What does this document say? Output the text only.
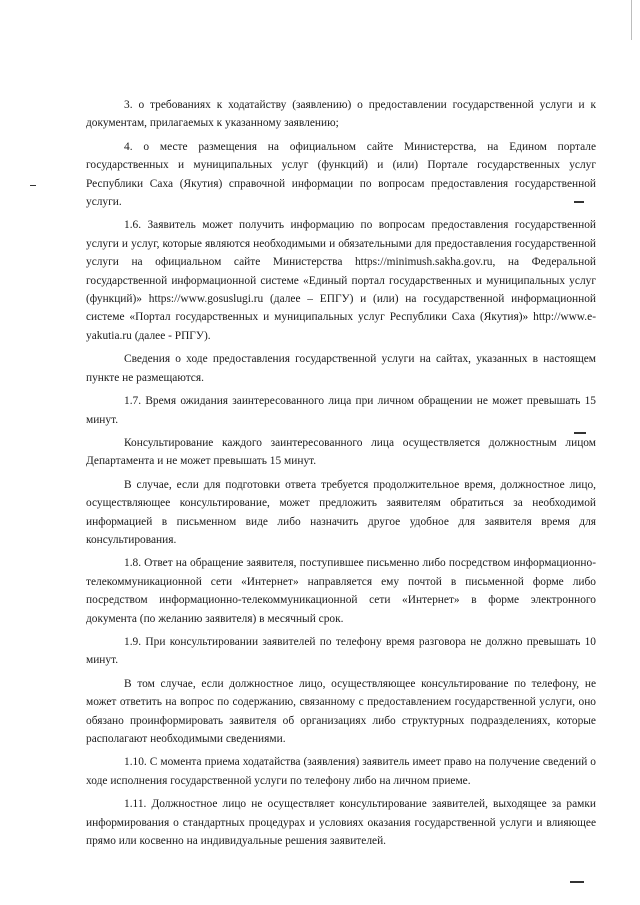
3. о требованиях к ходатайству (заявлению) о предоставлении государственной услуги и к документам, прилагаемых к указанному заявлению;

4. о месте размещения на официальном сайте Министерства, на Едином портале государственных и муниципальных услуг (функций) и (или) Портале государственных услуг Республики Саха (Якутия) справочной информации по вопросам предоставления государственной услуги.

1.6. Заявитель может получить информацию по вопросам предоставления государственной услуги и услуг, которые являются необходимыми и обязательными для предоставления государственной услуги на официальном сайте Министерства https://minimush.sakha.gov.ru, на Федеральной государственной информационной системе «Единый портал государственных и муниципальных услуг (функций)» https://www.gosuslugi.ru (далее – ЕПГУ) и (или) на государственной информационной системе «Портал государственных и муниципальных услуг Республики Саха (Якутия)» http://www.e-yakutia.ru (далее - РПГУ).

Сведения о ходе предоставления государственной услуги на сайтах, указанных в настоящем пункте не размещаются.

1.7. Время ожидания заинтересованного лица при личном обращении не может превышать 15 минут.

Консультирование каждого заинтересованного лица осуществляется должностным лицом Департамента и не может превышать 15 минут.

В случае, если для подготовки ответа требуется продолжительное время, должностное лицо, осуществляющее консультирование, может предложить заявителям обратиться за необходимой информацией в письменном виде либо назначить другое удобное для заявителя время для консультирования.

1.8. Ответ на обращение заявителя, поступившее письменно либо посредством информационно-телекоммуникационной сети «Интернет» направляется ему почтой в письменной форме либо посредством информационно-телекоммуникационной сети «Интернет» в форме электронного документа (по желанию заявителя) в месячный срок.

1.9. При консультировании заявителей по телефону время разговора не должно превышать 10 минут.

В том случае, если должностное лицо, осуществляющее консультирование по телефону, не может ответить на вопрос по содержанию, связанному с предоставлением государственной услуги, оно обязано проинформировать заявителя об организациях либо структурных подразделениях, которые располагают необходимыми сведениями.

1.10. С момента приема ходатайства (заявления) заявитель имеет право на получение сведений о ходе исполнения государственной услуги по телефону либо на личном приеме.

1.11. Должностное лицо не осуществляет консультирование заявителей, выходящее за рамки информирования о стандартных процедурах и условиях оказания государственной услуги и влияющее прямо или косвенно на индивидуальные решения заявителей.
